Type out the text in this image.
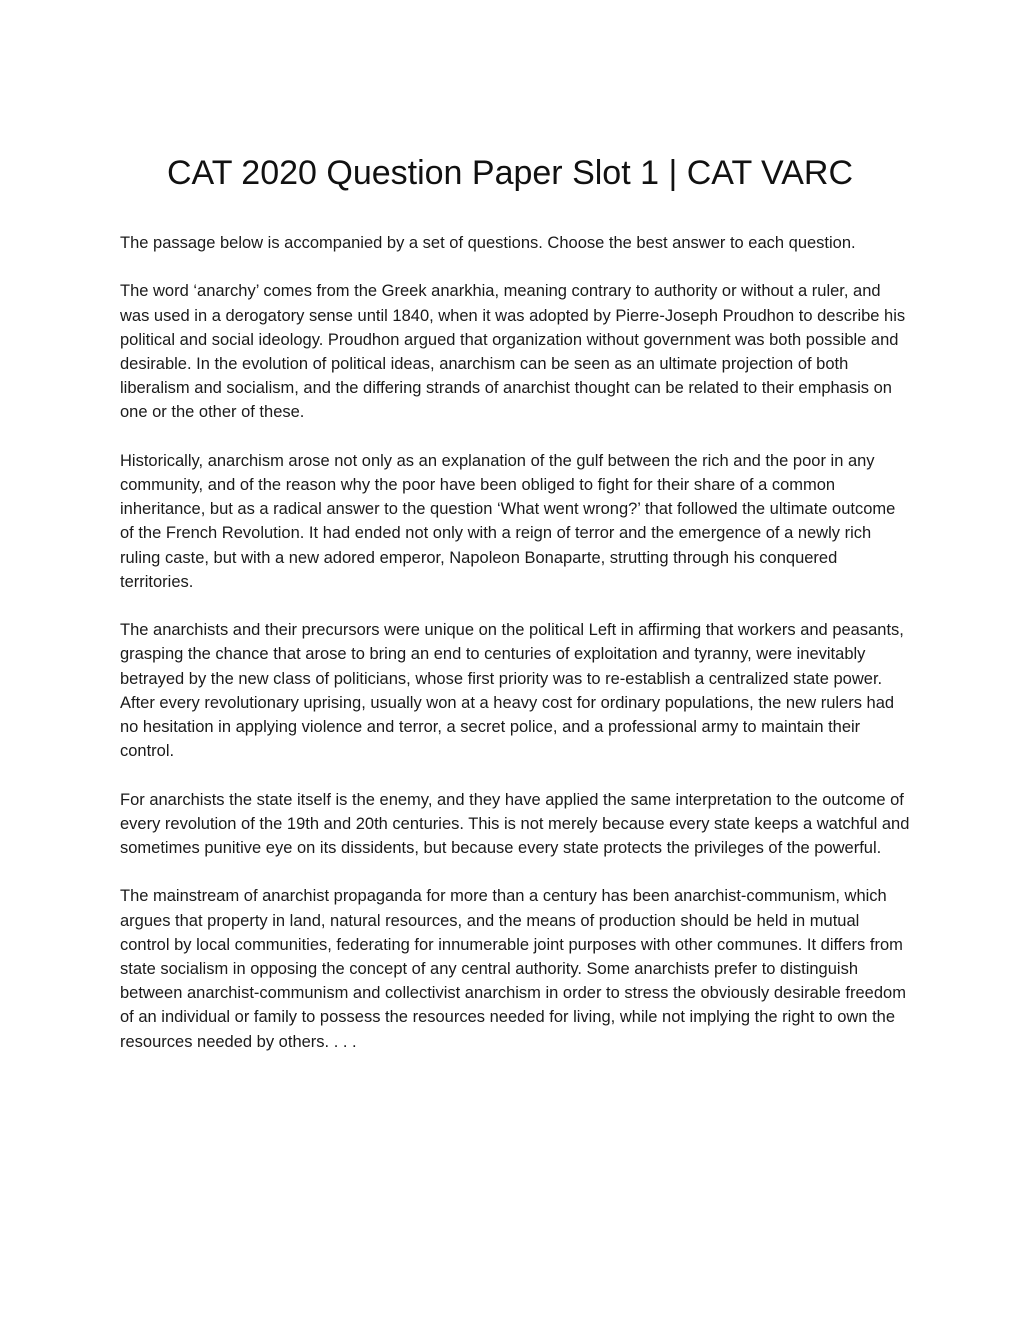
CAT 2020 Question Paper Slot 1 | CAT VARC

The passage below is accompanied by a set of questions. Choose the best answer to each question.

The word ‘anarchy’ comes from the Greek anarkhia, meaning contrary to authority or without a ruler, and was used in a derogatory sense until 1840, when it was adopted by Pierre-Joseph Proudhon to describe his political and social ideology. Proudhon argued that organization without government was both possible and desirable. In the evolution of political ideas, anarchism can be seen as an ultimate projection of both liberalism and socialism, and the differing strands of anarchist thought can be related to their emphasis on one or the other of these.

Historically, anarchism arose not only as an explanation of the gulf between the rich and the poor in any community, and of the reason why the poor have been obliged to fight for their share of a common inheritance, but as a radical answer to the question ‘What went wrong?’ that followed the ultimate outcome of the French Revolution. It had ended not only with a reign of terror and the emergence of a newly rich ruling caste, but with a new adored emperor, Napoleon Bonaparte, strutting through his conquered territories.

The anarchists and their precursors were unique on the political Left in affirming that workers and peasants, grasping the chance that arose to bring an end to centuries of exploitation and tyranny, were inevitably betrayed by the new class of politicians, whose first priority was to re-establish a centralized state power. After every revolutionary uprising, usually won at a heavy cost for ordinary populations, the new rulers had no hesitation in applying violence and terror, a secret police, and a professional army to maintain their control.

For anarchists the state itself is the enemy, and they have applied the same interpretation to the outcome of every revolution of the 19th and 20th centuries. This is not merely because every state keeps a watchful and sometimes punitive eye on its dissidents, but because every state protects the privileges of the powerful.

The mainstream of anarchist propaganda for more than a century has been anarchist-communism, which argues that property in land, natural resources, and the means of production should be held in mutual control by local communities, federating for innumerable joint purposes with other communes. It differs from state socialism in opposing the concept of any central authority. Some anarchists prefer to distinguish between anarchist-communism and collectivist anarchism in order to stress the obviously desirable freedom of an individual or family to possess the resources needed for living, while not implying the right to own the resources needed by others. . . .
